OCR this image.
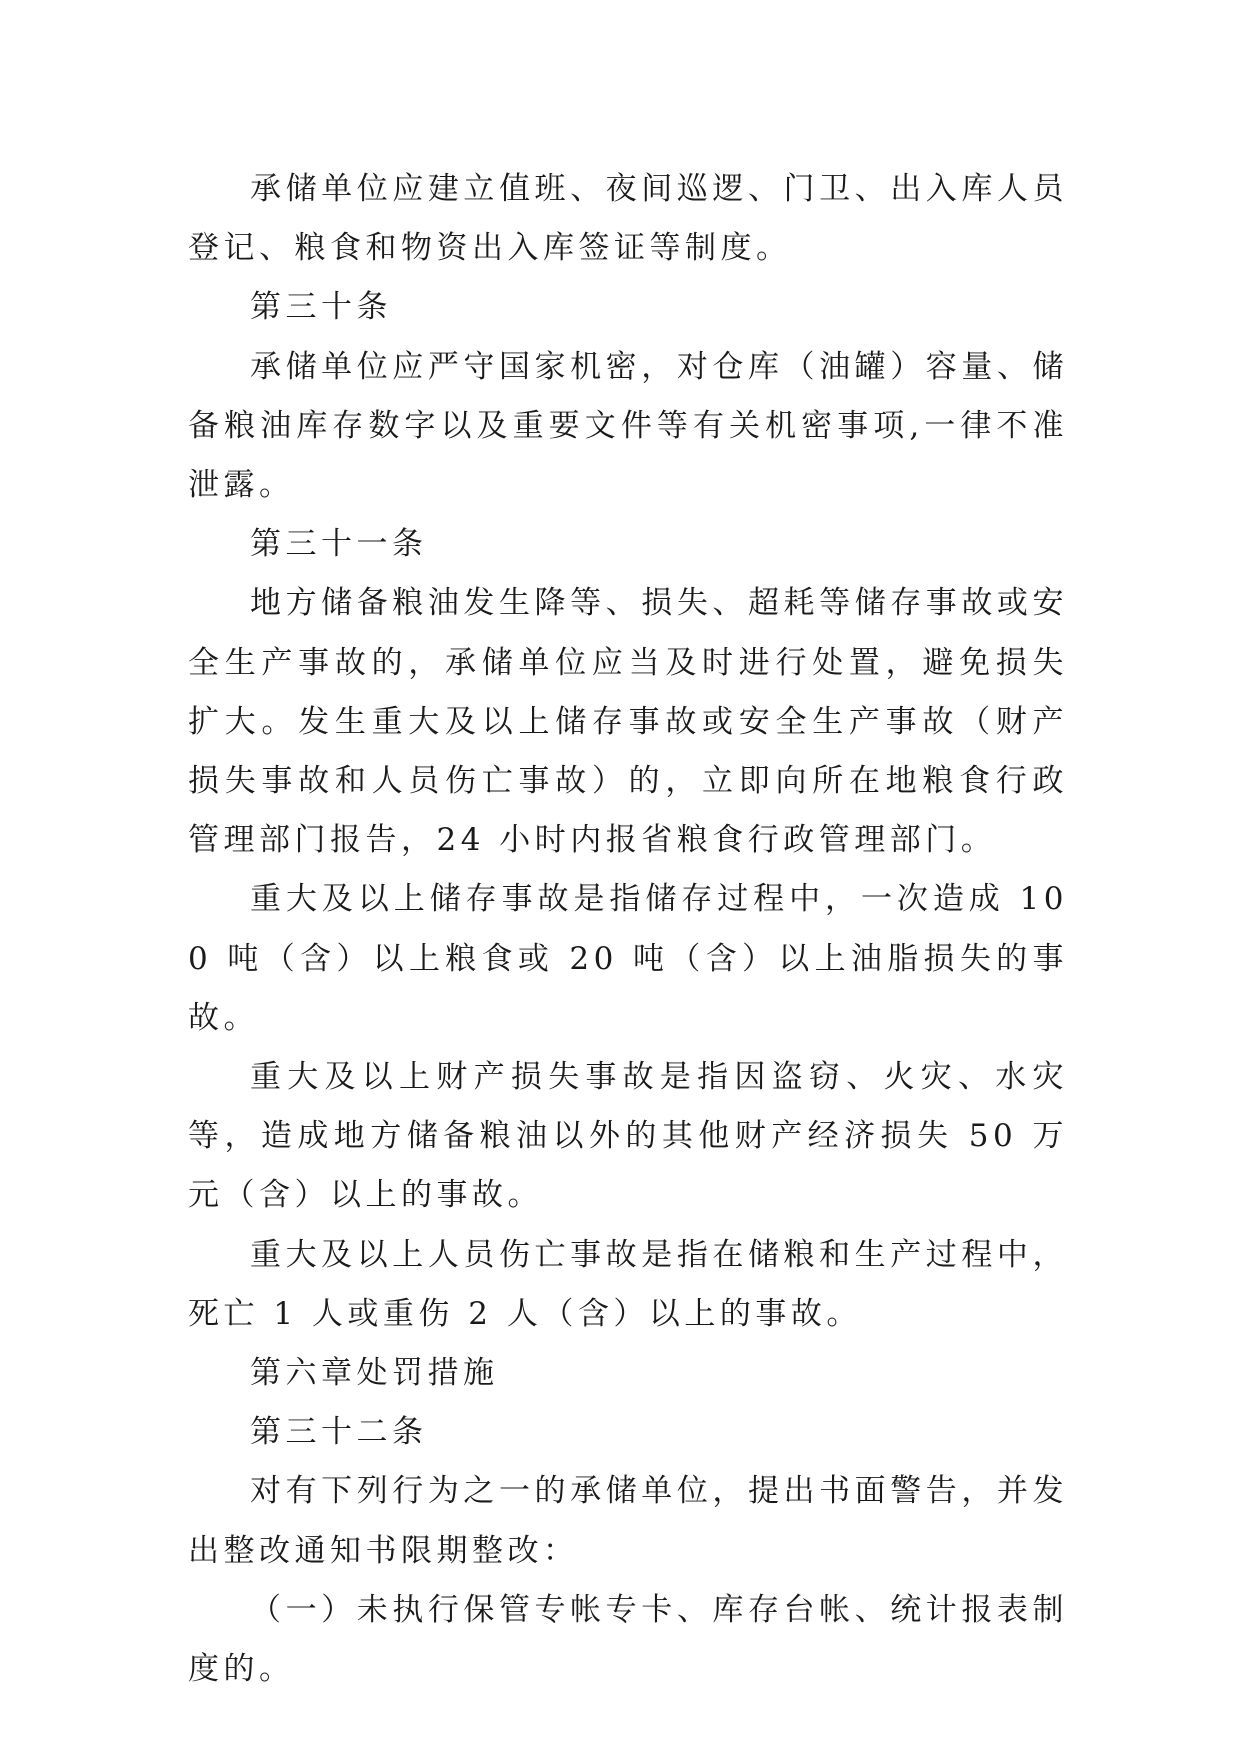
承储单位应建立值班、夜间巡逻、门卫、出入库人员登记、粮食和物资出入库签证等制度。

第三十条

承储单位应严守国家机密，对仓库（油罐）容量、储备粮油库存数字以及重要文件等有关机密事项,一律不准泄露。

第三十一条

地方储备粮油发生降等、损失、超耗等储存事故或安全生产事故的，承储单位应当及时进行处置，避免损失扩大。发生重大及以上储存事故或安全生产事故（财产损失事故和人员伤亡事故）的，立即向所在地粮食行政管理部门报告，24 小时内报省粮食行政管理部门。

重大及以上储存事故是指储存过程中，一次造成 100 吨（含）以上粮食或 20 吨（含）以上油脂损失的事故。

重大及以上财产损失事故是指因盗窃、火灾、水灾等，造成地方储备粮油以外的其他财产经济损失 50 万元（含）以上的事故。

重大及以上人员伤亡事故是指在储粮和生产过程中，死亡 1 人或重伤 2 人（含）以上的事故。

第六章处罚措施

第三十二条

对有下列行为之一的承储单位，提出书面警告，并发出整改通知书限期整改：

（一）未执行保管专帐专卡、库存台帐、统计报表制度的。
